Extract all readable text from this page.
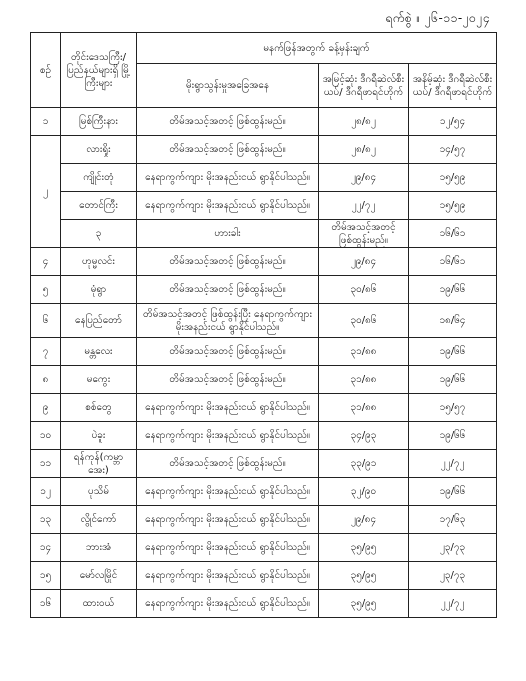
ရက်စွဲ ။ ၂၆-၁၁-၂၀၂၄
စဉ်	တိုင်းဒေသကြီး/ ပြည်နယ်များရှိ မြို့ကြီးများ	မနက်ဖြန်အတွက် ခန့်မှန်းချက်			
		မိုးရွာသွန်းမှုအခြေအနေ	အမြင့်ဆုံး ဒီဂရီဆဲလ်စီးယပ်/ ဒီဂရီဖာရင်ဟိုက်	အနိမ့်ဆုံး ဒီဂရီဆဲလ်စီးယပ်/ ဒီဂရီဖာရင်ဟိုက်	
၁	မြစ်ကြီးနား	တိမ်အသင့်အတင့် ဖြစ်ထွန်းမည်။	၂၈/၈၂	၁၂/၅၄	
၂	လားရှိုး	တိမ်အသင့်အတင့် ဖြစ်ထွန်းမည်။	၂၈/၈၂	၁၄/၅၇	
	ကျိုင်းတုံ	နေရာကွက်ကျား မိုးအနည်းငယ် ရွာနိုင်ပါသည်။	၂၉/၈၄	၁၅/၅၉	
	တောင်ကြီး	နေရာကွက်ကျား မိုးအနည်းငယ် ရွာနိုင်ပါသည်။	၂၂/၇၂	၁၅/၅၉	
	၃	ဟားခါး	တိမ်အသင့်အတင့် ဖြစ်ထွန်းမည်။	၁၆/၆၁	
၄	ဟုမ္မလင်း	တိမ်အသင့်အတင့် ဖြစ်ထွန်းမည်။	၂၉/၈၄	၁၆/၆၁	
၅	မုံရွာ	တိမ်အသင့်အတင့် ဖြစ်ထွန်းမည်။	၃၀/၈၆	၁၉/၆၆	
၆	နေပြည်တော်	တိမ်အသင့်အတင့် ဖြစ်ထွန်းပြီး နေရာကွက်ကျား မိုးအနည်းငယ် ရွာနိုင်ပါသည်။	၃၀/၈၆	၁၈/၆၄	
၇	မန္တလေး	တိမ်အသင့်အတင့် ဖြစ်ထွန်းမည်။	၃၁/၈၈	၁၉/၆၆	
၈	မကွေး	တိမ်အသင့်အတင့် ဖြစ်ထွန်းမည်။	၃၁/၈၈	၁၉/၆၆	
၉	စစ်တွေ	နေရာကွက်ကျား မိုးအနည်းငယ် ရွာနိုင်ပါသည်။	၃၁/၈၈	၁၅/၅၇	
၁၀	ပဲခူး	နေရာကွက်ကျား မိုးအနည်းငယ် ရွာနိုင်ပါသည်။	၃၄/၉၃	၁၉/၆၆	
၁၁	ရန်ကုန်(ကမ္ဘာအေး)	တိမ်အသင့်အတင့် ဖြစ်ထွန်းမည်။	၃၃/၉၁	၂၂/၇၂	
၁၂	ပုသိမ်	နေရာကွက်ကျား မိုးအနည်းငယ် ရွာနိုင်ပါသည်။	၃၂/၉၀	၁၉/၆၆	
၁၃	လွိုင်ကော်	နေရာကွက်ကျား မိုးအနည်းငယ် ရွာနိုင်ပါသည်။	၂၉/၈၄	၁၇/၆၃	
၁၄	ဘားအံ	နေရာကွက်ကျား မိုးအနည်းငယ် ရွာနိုင်ပါသည်။	၃၅/၉၅	၂၃/၇၃	
၁၅	မော်လမြိုင်	နေရာကွက်ကျား မိုးအနည်းငယ် ရွာနိုင်ပါသည်။	၃၅/၉၅	၂၃/၇၃	
၁၆	ထားဝယ်	နေရာကွက်ကျား မိုးအနည်းငယ် ရွာနိုင်ပါသည်။	၃၅/၉၅	၂၂/၇၂	
